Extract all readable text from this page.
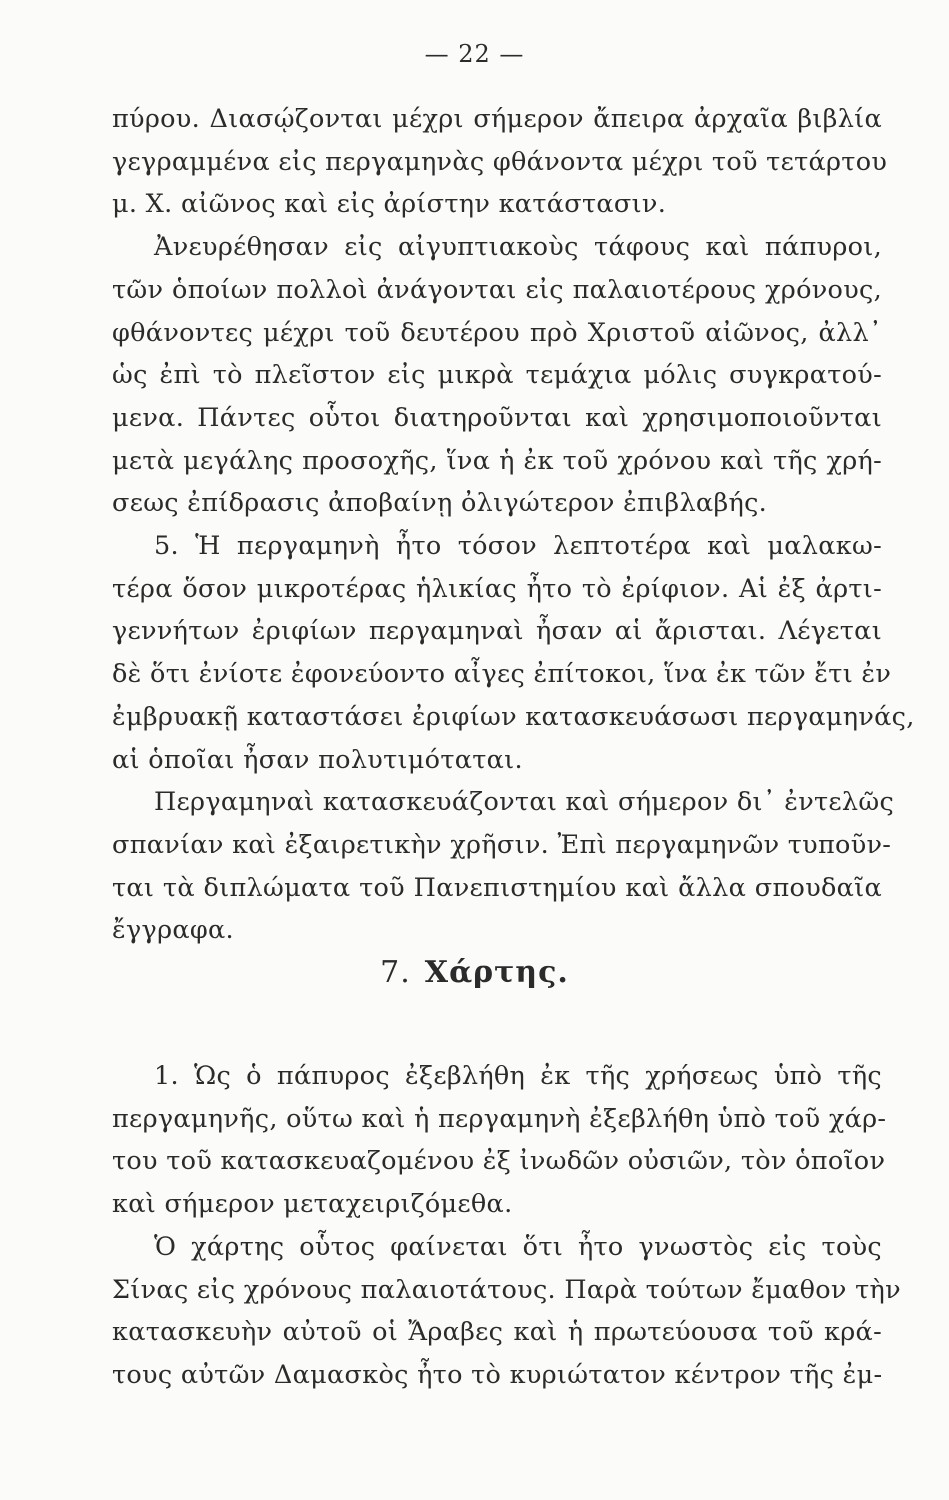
— 22 —
πύρου. Διασῴζονται μέχρι σήμερον ἄπειρα ἀρχαῖα βιβλία
γεγραμμένα εἰς περγαμηνὰς φθάνοντα μέχρι τοῦ τετάρτου
μ. Χ. αἰῶνος καὶ εἰς ἀρίστην κατάστασιν.
Ἀνευρέθησαν εἰς αἰγυπτιακοὺς τάφους καὶ πάπυροι,
τῶν ὁποίων πολλοὶ ἀνάγονται εἰς παλαιοτέρους χρόνους,
φθάνοντες μέχρι τοῦ δευτέρου πρὸ Χριστοῦ αἰῶνος, ἀλλ᾽
ὡς ἐπὶ τὸ πλεῖστον εἰς μικρὰ τεμάχια μόλις συγκρατού-
μενα. Πάντες οὗτοι διατηροῦνται καὶ χρησιμοποιοῦνται
μετὰ μεγάλης προσοχῆς, ἵνα ἡ ἐκ τοῦ χρόνου καὶ τῆς χρή-
σεως ἐπίδρασις ἀποβαίνῃ ὀλιγώτερον ἐπιβλαβής.
5. Ἡ περγαμηνὴ ἦτο τόσον λεπτοτέρα καὶ μαλακω-
τέρα ὅσον μικροτέρας ἡλικίας ἦτο τὸ ἐρίφιον. Αἱ ἐξ ἀρτι-
γεννήτων ἐριφίων περγαμηναὶ ἦσαν αἱ ἄρισται. Λέγεται
δὲ ὅτι ἐνίοτε ἐφονεύοντο αἶγες ἐπίτοκοι, ἵνα ἐκ τῶν ἔτι ἐν
ἐμβρυακῇ καταστάσει ἐριφίων κατασκευάσωσι περγαμηνάς,
αἱ ὁποῖαι ἦσαν πολυτιμόταται.
Περγαμηναὶ κατασκευάζονται καὶ σήμερον δι᾽ ἐντελῶς
σπανίαν καὶ ἐξαιρετικὴν χρῆσιν. Ἐπὶ περγαμηνῶν τυποῦν-
ται τὰ διπλώματα τοῦ Πανεπιστημίου καὶ ἄλλα σπουδαῖα
ἔγγραφα.
7. Χάρτης.
1. Ὡς ὁ πάπυρος ἐξεβλήθη ἐκ τῆς χρήσεως ὑπὸ τῆς
περγαμηνῆς, οὕτω καὶ ἡ περγαμηνὴ ἐξεβλήθη ὑπὸ τοῦ χάρ-
του τοῦ κατασκευαζομένου ἐξ ἰνωδῶν οὐσιῶν, τὸν ὁποῖον
καὶ σήμερον μεταχειριζόμεθα.
Ὁ χάρτης οὗτος φαίνεται ὅτι ἦτο γνωστὸς εἰς τοὺς
Σίνας εἰς χρόνους παλαιοτάτους. Παρὰ τούτων ἔμαθον τὴν
κατασκευὴν αὐτοῦ οἱ Ἄραβες καὶ ἡ πρωτεύουσα τοῦ κρά-
τους αὐτῶν Δαμασκὸς ἦτο τὸ κυριώτατον κέντρον τῆς ἐμ-
